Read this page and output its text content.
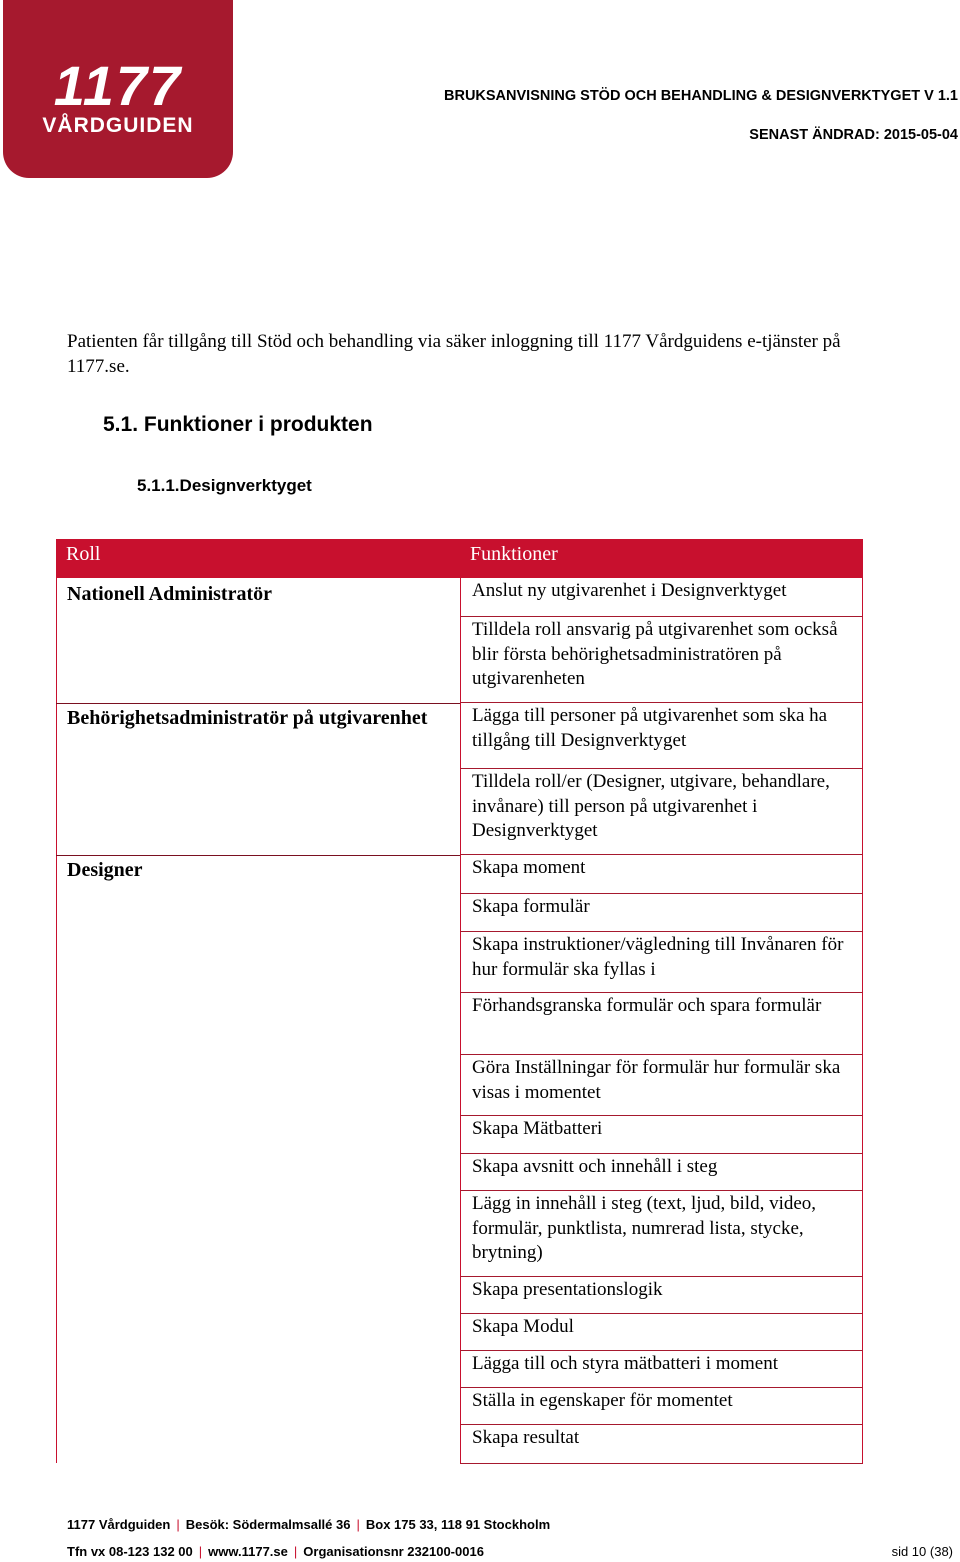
1177
VÅRDGUIDEN
BRUKSANVISNING STÖD OCH BEHANDLING & DESIGNVERKTYGET V 1.1
SENAST ÄNDRAD: 2015-05-04
Patienten får tillgång till Stöd och behandling via säker inloggning till 1177 Vårdguidens e-tjänster på 1177.se.
5.1. Funktioner i produkten
5.1.1.Designverktyget
Roll	Funktioner
Nationell Administratör
Behörighetsadministratör på utgivarenhet
Designer
Anslut ny utgivarenhet i Designverktyget
Tilldela roll ansvarig på utgivarenhet som också blir första behörighetsadministratören på utgivarenheten
Lägga till personer på utgivarenhet som ska ha tillgång till Designverktyget
Tilldela roll/er (Designer, utgivare, behandlare, invånare) till person på utgivarenhet i Designverktyget
Skapa moment
Skapa formulär
Skapa instruktioner/vägledning till Invånaren för hur formulär ska fyllas i
Förhandsgranska formulär och spara formulär
Göra Inställningar för formulär hur formulär ska visas i momentet
Skapa Mätbatteri
Skapa avsnitt och innehåll i steg
Lägg in innehåll i steg (text, ljud, bild, video, formulär, punktlista, numrerad lista, stycke, brytning)
Skapa presentationslogik
Skapa Modul
Lägga till och styra mätbatteri i moment
Ställa in egenskaper för momentet
Skapa resultat
1177 Vårdguiden | Besök: Södermalmsallé 36 | Box 175 33, 118 91 Stockholm
Tfn vx 08-123 132 00 | www.1177.se | Organisationsnr 232100-0016	sid 10 (38)
